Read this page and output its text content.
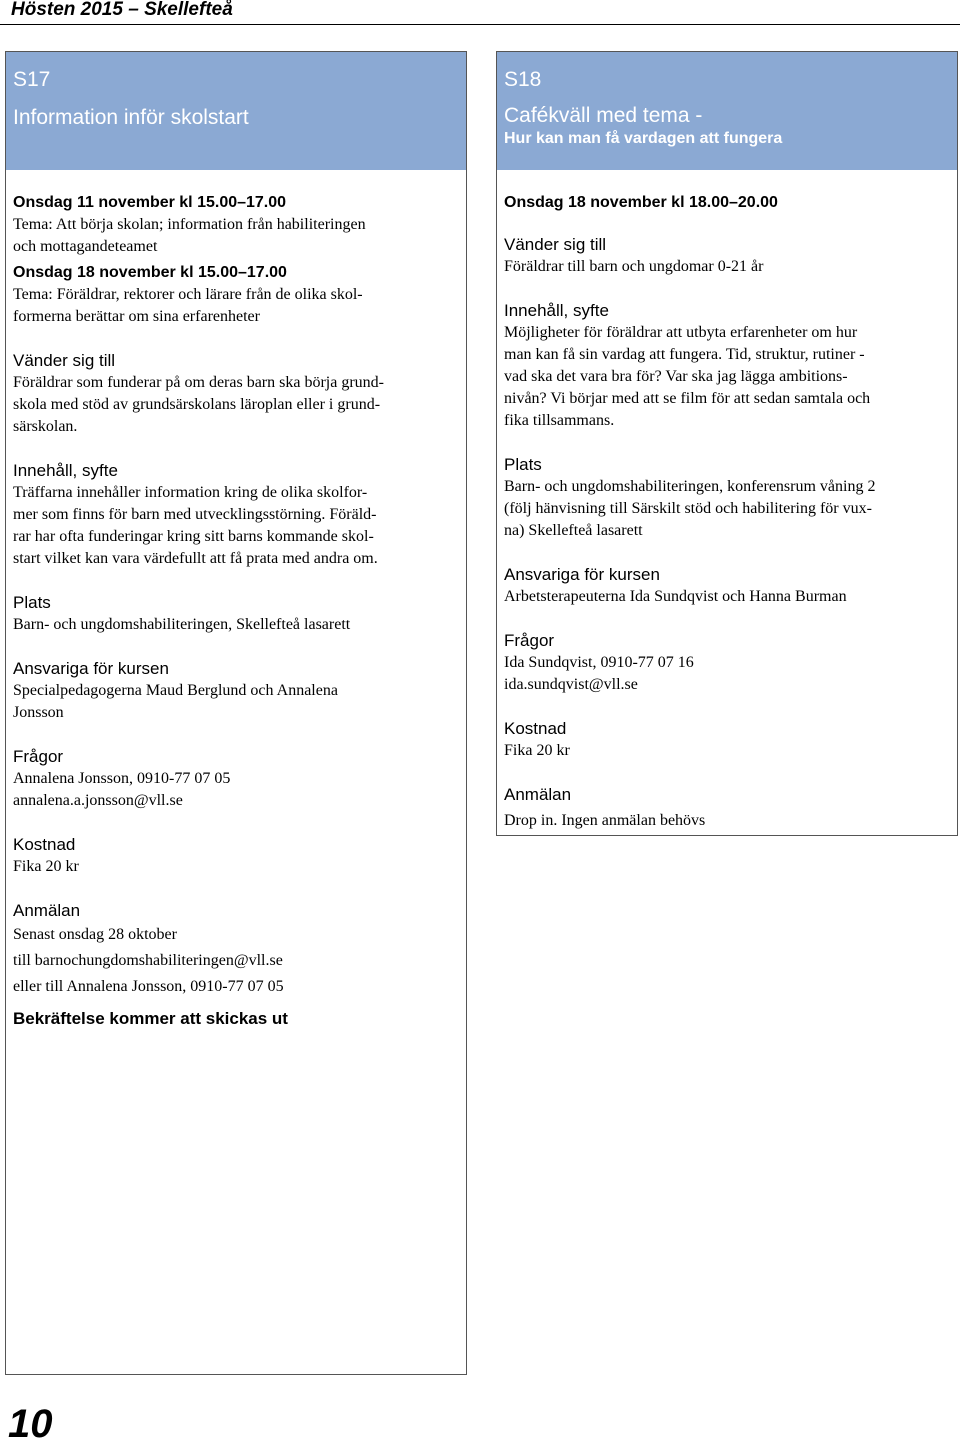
Hösten 2015 – Skellefteå
S17
Information inför skolstart

Onsdag 11 november kl 15.00–17.00

Tema: Att börja skolan; information från habiliteringen
och mottagandeteamet

Onsdag 18 november kl 15.00–17.00

Tema: Föräldrar, rektorer och lärare från de olika skol-
formerna berättar om sina erfarenheter

Vänder sig till

Föräldrar som funderar på om deras barn ska börja grund-
skola med stöd av grundsärskolans läroplan eller i grund-
särskolan.

Innehåll, syfte

Träffarna innehåller information kring de olika skolfor-
mer som finns för barn med utvecklingsstörning. Föräld-
rar har ofta funderingar kring sitt barns kommande skol-
start vilket kan vara värdefullt att få prata med andra om.

Plats

Barn- och ungdomshabiliteringen, Skellefteå lasarett

Ansvariga för kursen

Specialpedagogerna Maud Berglund och Annalena
Jonsson

Frågor

Annalena Jonsson, 0910-77 07 05
annalena.a.jonsson@vll.se

Kostnad

Fika 20 kr

Anmälan

Senast onsdag 28 oktober
till barnochungdomshabiliteringen@vll.se
eller till Annalena Jonsson, 0910-77 07 05

Bekräftelse kommer att skickas ut

S18
Cafékväll med tema -
Hur kan man få vardagen att fungera

Onsdag 18 november kl 18.00–20.00

Vänder sig till

Föräldrar till barn och ungdomar 0-21 år

Innehåll, syfte

Möjligheter för föräldrar att utbyta erfarenheter om hur
man kan få sin vardag att fungera. Tid, struktur, rutiner -
vad ska det vara bra för? Var ska jag lägga ambitions-
nivån? Vi börjar med att se film för att sedan samtala och
fika tillsammans.

Plats

Barn- och ungdomshabiliteringen, konferensrum våning 2
(följ hänvisning till Särskilt stöd och habilitering för vux-
na) Skellefteå lasarett

Ansvariga för kursen

Arbetsterapeuterna Ida Sundqvist och Hanna Burman

Frågor

Ida Sundqvist, 0910-77 07 16
ida.sundqvist@vll.se

Kostnad

Fika 20 kr

Anmälan

Drop in. Ingen anmälan behövs

10
